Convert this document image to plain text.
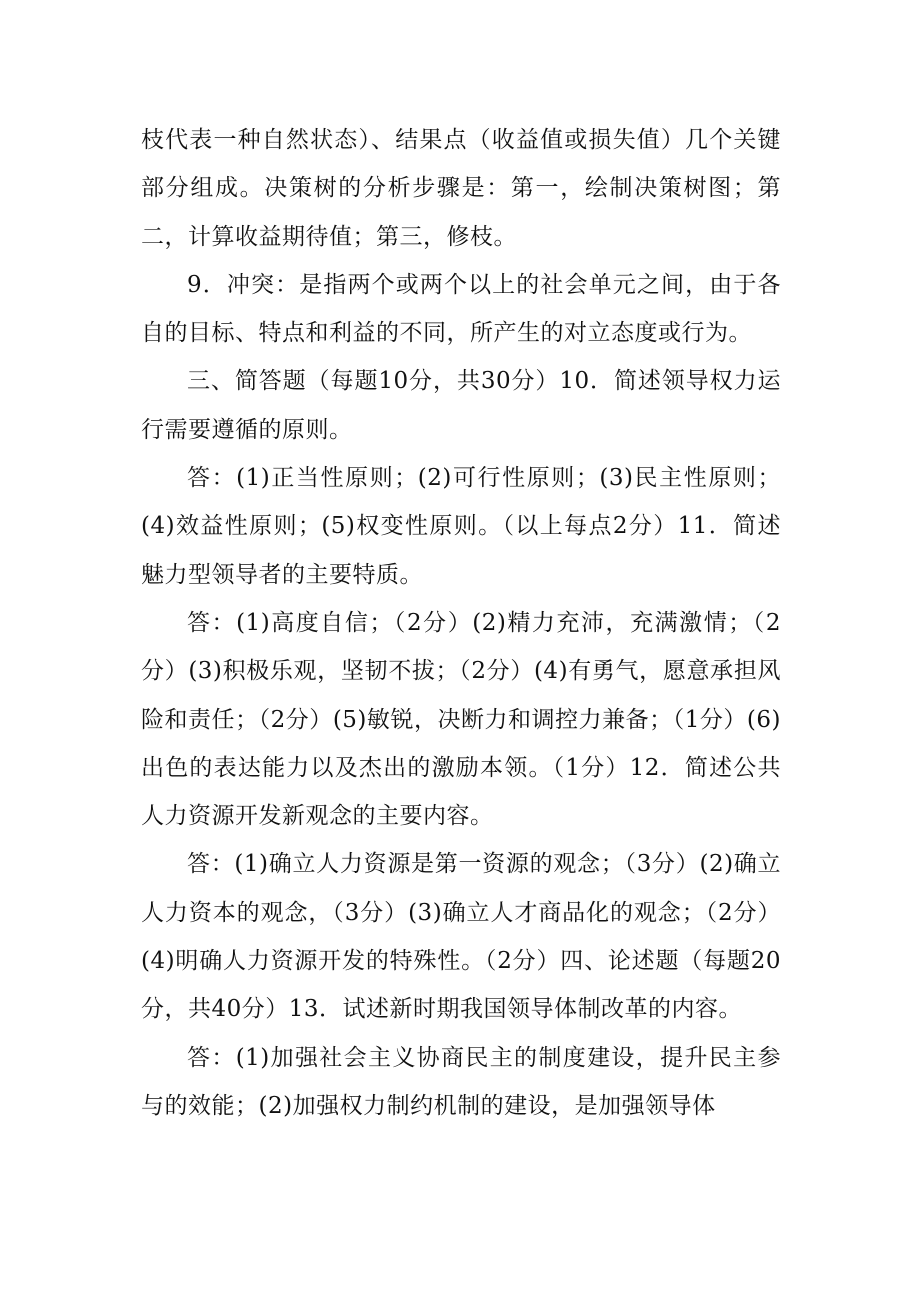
枝代表一种自然状态）、结果点（收益值或损失值）几个关键部分组成。决策树的分析步骤是：第一，绘制决策树图；第二，计算收益期待值；第三，修枝。

9．冲突：是指两个或两个以上的社会单元之间，由于各自的目标、特点和利益的不同，所产生的对立态度或行为。

三、简答题（每题10分，共30分）10．简述领导权力运行需要遵循的原则。

答：(1)正当性原则；(2)可行性原则；(3)民主性原则；(4)效益性原则；(5)权变性原则。（以上每点2分）11．简述魅力型领导者的主要特质。

答：(1)高度自信；（2分）(2)精力充沛，充满激情；（2分）(3)积极乐观，坚韧不拔；（2分）(4)有勇气，愿意承担风险和责任；（2分）(5)敏锐，决断力和调控力兼备；（1分）(6)出色的表达能力以及杰出的激励本领。（1分）12．简述公共人力资源开发新观念的主要内容。

答：(1)确立人力资源是第一资源的观念；（3分）(2)确立人力资本的观念，（3分）(3)确立人才商品化的观念；（2分）(4)明确人力资源开发的特殊性。（2分）四、论述题（每题20分，共40分）13．试述新时期我国领导体制改革的内容。

答：(1)加强社会主义协商民主的制度建设，提升民主参与的效能；(2)加强权力制约机制的建设，是加强领导体
